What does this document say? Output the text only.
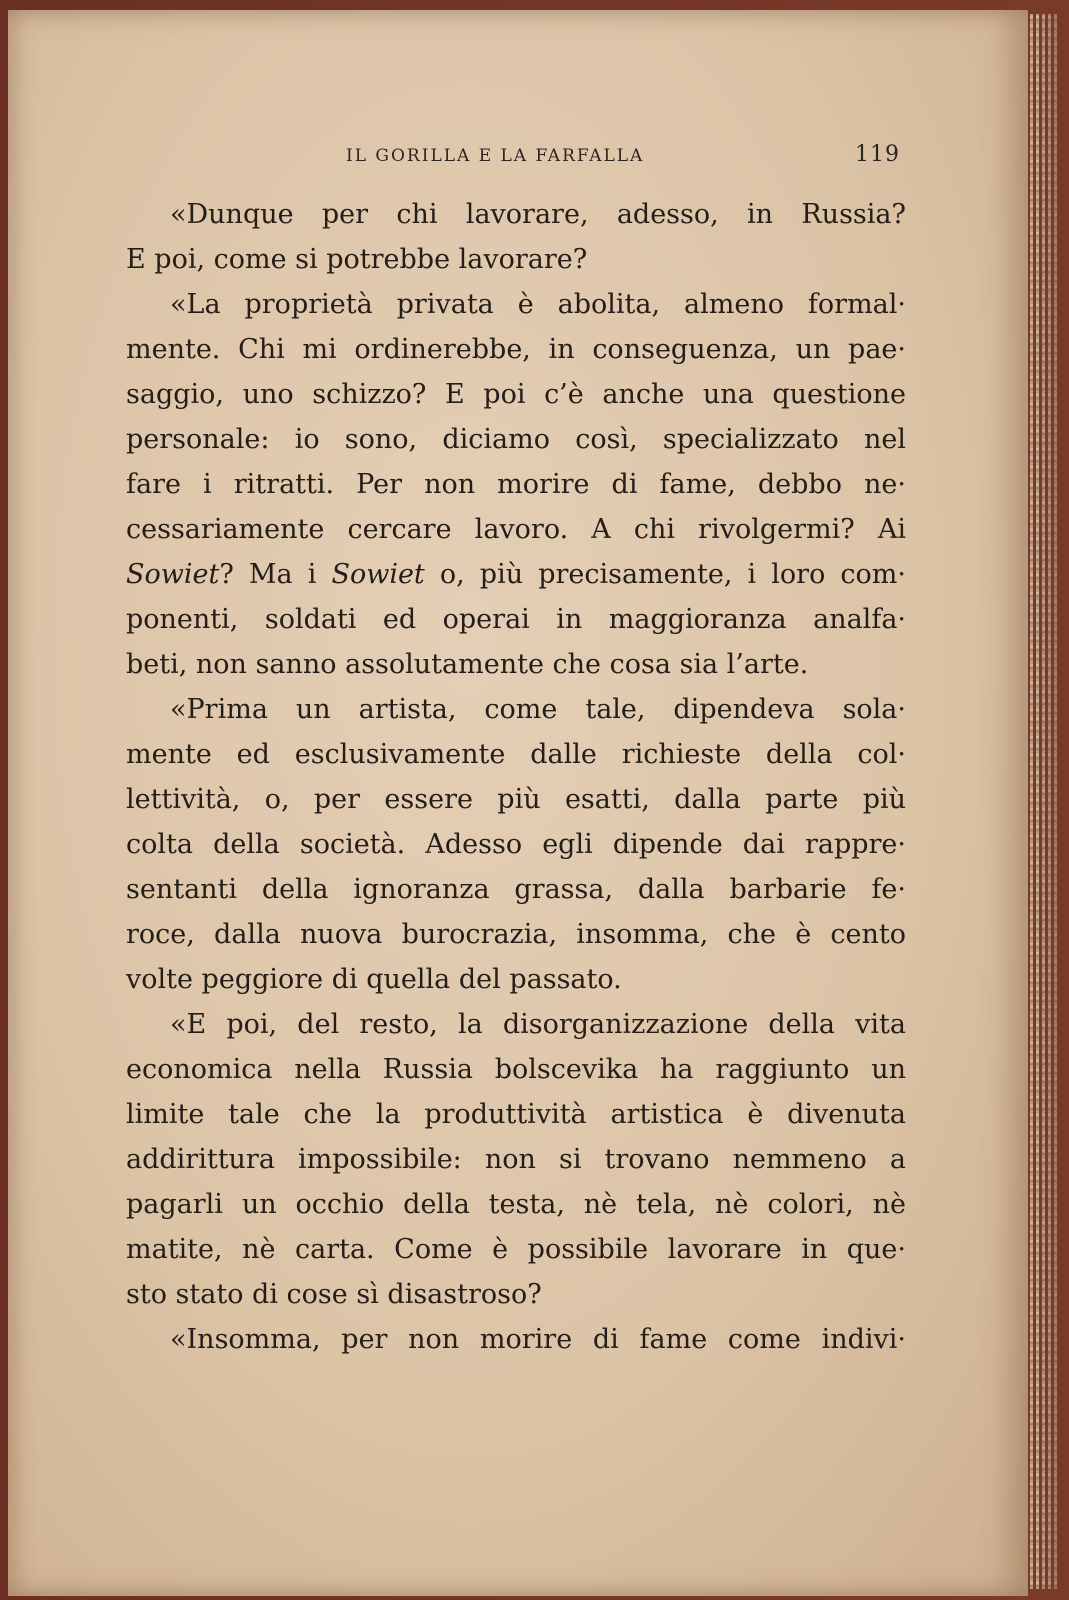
IL GORILLA E LA FARFALLA	119
«Dunque per chi lavorare, adesso, in Russia?
E poi, come si potrebbe lavorare?
«La proprietà privata è abolita, almeno formal·
mente. Chi mi ordinerebbe, in conseguenza, un pae·
saggio, uno schizzo? E poi c’è anche una questione
personale: io sono, diciamo così, specializzato nel
fare i ritratti. Per non morire di fame, debbo ne·
cessariamente cercare lavoro. A chi rivolgermi? Ai
Sowiet? Ma i Sowiet o, più precisamente, i loro com·
ponenti, soldati ed operai in maggioranza analfa·
beti, non sanno assolutamente che cosa sia l’arte.
«Prima un artista, come tale, dipendeva sola·
mente ed esclusivamente dalle richieste della col·
lettività, o, per essere più esatti, dalla parte più
colta della società. Adesso egli dipende dai rappre·
sentanti della ignoranza grassa, dalla barbarie fe·
roce, dalla nuova burocrazia, insomma, che è cento
volte peggiore di quella del passato.
«E poi, del resto, la disorganizzazione della vita
economica nella Russia bolscevika ha raggiunto un
limite tale che la produttività artistica è divenuta
addirittura impossibile: non si trovano nemmeno a
pagarli un occhio della testa, nè tela, nè colori, nè
matite, nè carta. Come è possibile lavorare in que·
sto stato di cose sì disastroso?
«Insomma, per non morire di fame come indivi·
